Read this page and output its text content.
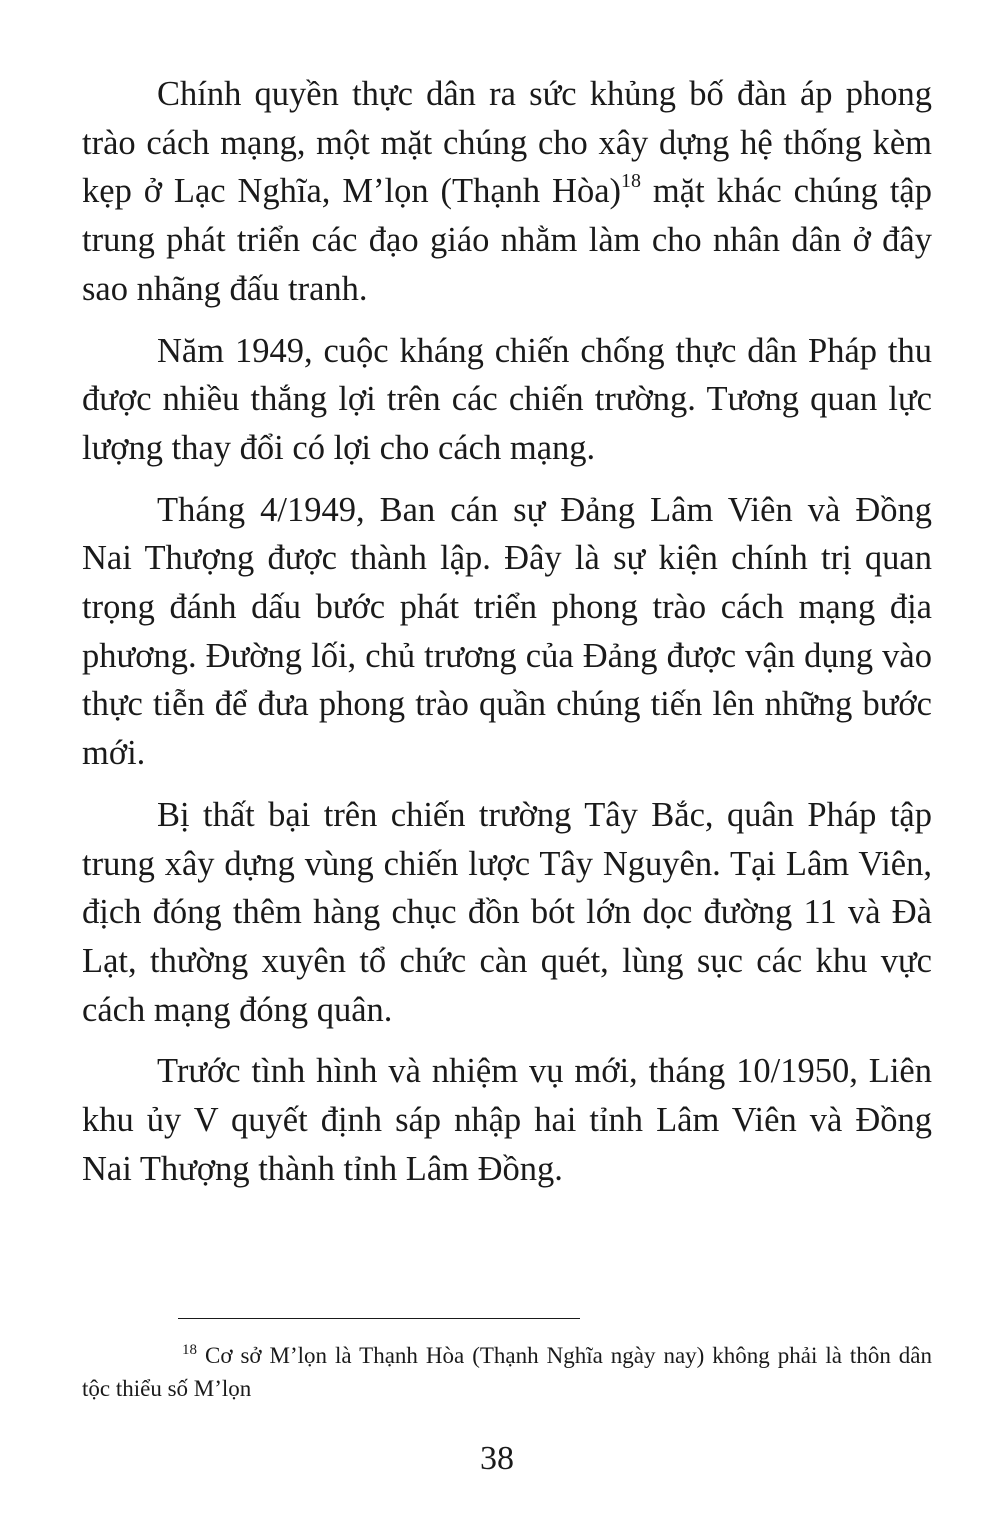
Chính quyền thực dân ra sức khủng bố đàn áp phong trào cách mạng, một mặt chúng cho xây dựng hệ thống kèm kẹp ở Lạc Nghĩa, M’lọn (Thạnh Hòa)$^{18}$ mặt khác chúng tập trung phát triển các đạo giáo nhằm làm cho nhân dân ở đây sao nhãng đấu tranh.

Năm 1949, cuộc kháng chiến chống thực dân Pháp thu được nhiều thắng lợi trên các chiến trường. Tương quan lực lượng thay đổi có lợi cho cách mạng.

Tháng 4/1949, Ban cán sự Đảng Lâm Viên và Đồng Nai Thượng được thành lập. Đây là sự kiện chính trị quan trọng đánh dấu bước phát triển phong trào cách mạng địa phương. Đường lối, chủ trương của Đảng được vận dụng vào thực tiễn để đưa phong trào quần chúng tiến lên những bước mới.

Bị thất bại trên chiến trường Tây Bắc, quân Pháp tập trung xây dựng vùng chiến lược Tây Nguyên. Tại Lâm Viên, địch đóng thêm hàng chục đồn bót lớn dọc đường 11 và Đà Lạt, thường xuyên tổ chức càn quét, lùng sục các khu vực cách mạng đóng quân.

Trước tình hình và nhiệm vụ mới, tháng 10/1950, Liên khu ủy V quyết định sáp nhập hai tỉnh Lâm Viên và Đồng Nai Thượng thành tỉnh Lâm Đồng.

$^{18}$ Cơ sở M’lọn là Thạnh Hòa (Thạnh Nghĩa ngày nay) không phải là thôn dân tộc thiểu số M’lọn

38
